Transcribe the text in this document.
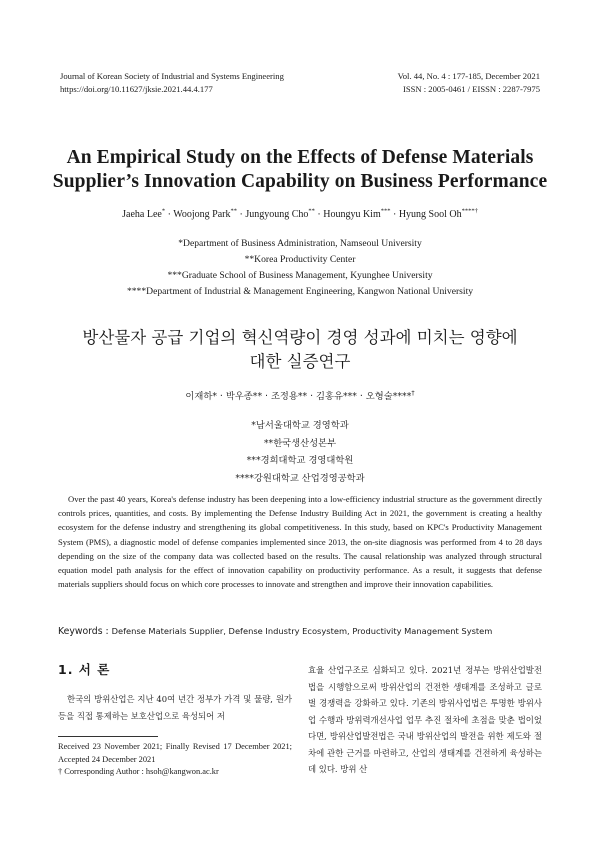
Journal of Korean Society of Industrial and Systems Engineering
https://doi.org/10.11627/jksie.2021.44.4.177
Vol. 44, No. 4 : 177-185, December 2021
ISSN : 2005-0461 / EISSN : 2287-7975
An Empirical Study on the Effects of Defense Materials
Supplier’s Innovation Capability on Business Performance
Jaeha Lee* · Woojong Park** · Jungyoung Cho** · Houngyu Kim*** · Hyung Sool Oh****†
*Department of Business Administration, Namseoul University
**Korea Productivity Center
***Graduate School of Business Management, Kyunghee University
****Department of Industrial & Management Engineering, Kangwon National University
방산물자 공급 기업의 혁신역량이 경영 성과에 미치는 영향에
대한 실증연구
이재하* · 박우종** · 조정용** · 김홍유*** · 오형술****†
*남서울대학교 경영학과
**한국생산성본부
***경희대학교 경영대학원
****강원대학교 산업경영공학과

Over the past 40 years, Korea's defense industry has been deepening into a low-efficiency industrial structure as the government directly controls prices, quantities, and costs. By implementing the Defense Industry Building Act in 2021, the government is creating a healthy ecosystem for the defense industry and strengthening its global competitiveness. In this study, based on KPC's Productivity Management System (PMS), a diagnostic model of defense companies implemented since 2013, the on-site diagnosis was performed from 4 to 28 days depending on the size of the company data was collected based on the results. The causal relationship was analyzed through structural equation model path analysis for the effect of innovation capability on productivity performance. As a result, it suggests that defense materials suppliers should focus on which core processes to innovate and strengthen and improve their innovation capabilities.

Keywords : Defense Materials Supplier, Defense Industry Ecosystem, Productivity Management System
1. 서 론

한국의 방위산업은 지난 40여 년간 정부가 가격 및 물량, 원가 등을 직접 통제하는 보호산업으로 육성되어 저

효율 산업구조로 심화되고 있다. 2021년 정부는 방위산업발전법을 시행함으로써 방위산업의 건전한 생태계를 조성하고 글로벌 경쟁력을 강화하고 있다. 기존의 방위사업법은 투명한 방위사업 수행과 방위력개선사업 업무 추진 절차에 초점을 맞춘 법이었다면, 방위산업발전법은 국내 방위산업의 발전을 위한 제도와 절차에 관한 근거를 마련하고, 산업의 생태계를 건전하게 육성하는데 있다. 방위 산

Received 23 November 2021; Finally Revised 17 December 2021; Accepted 24 December 2021

† Corresponding Author : hsoh@kangwon.ac.kr
